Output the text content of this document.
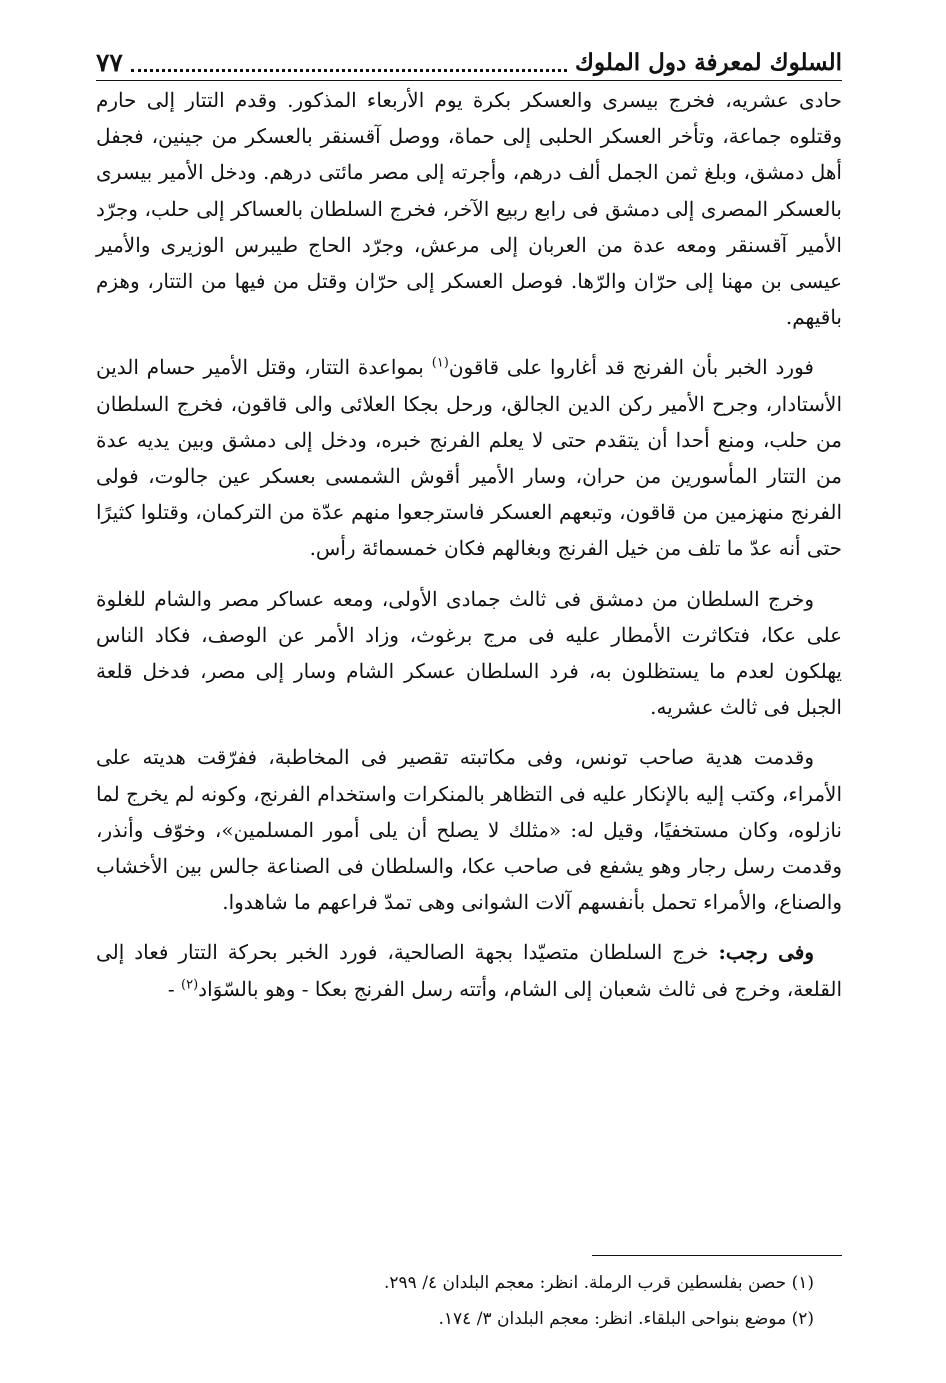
السلوك لمعرفة دول الملوك
٧٧

حادى عشريه، فخرج بيسرى والعسكر بكرة يوم الأربعاء المذكور. وقدم التتار إلى حارم وقتلوه جماعة، وتأخر العسكر الحلبى إلى حماة، ووصل آقسنقر بالعسكر من جينين، فجفل أهل دمشق، وبلغ ثمن الجمل ألف درهم، وأجرته إلى مصر مائتى درهم. ودخل الأمير بيسرى بالعسكر المصرى إلى دمشق فى رابع ربيع الآخر، فخرج السلطان بالعساكر إلى حلب، وجرّد الأمير آقسنقر ومعه عدة من العربان إلى مرعش، وجرّد الحاج طيبرس الوزيرى والأمير عيسى بن مهنا إلى حرّان والرّها. فوصل العسكر إلى حرّان وقتل من فيها من التتار، وهزم باقيهم.

فورد الخبر بأن الفرنج قد أغاروا على قاقون$^{(١)}$ بمواعدة التتار، وقتل الأمير حسام الدين الأستادار، وجرح الأمير ركن الدين الجالق، ورحل بجكا العلائى والى قاقون، فخرج السلطان من حلب، ومنع أحدا أن يتقدم حتى لا يعلم الفرنج خبره، ودخل إلى دمشق وبين يديه عدة من التتار المأسورين من حران، وسار الأمير أقوش الشمسى بعسكر عين جالوت، فولى الفرنج منهزمين من قاقون، وتبعهم العسكر فاسترجعوا منهم عدّة من التركمان، وقتلوا كثيرًا حتى أنه عدّ ما تلف من خيل الفرنج وبغالهم فكان خمسمائة رأس.

وخرج السلطان من دمشق فى ثالث جمادى الأولى، ومعه عساكر مصر والشام للغلوة على عكا، فتكاثرت الأمطار عليه فى مرج برغوث، وزاد الأمر عن الوصف، فكاد الناس يهلكون لعدم ما يستظلون به، فرد السلطان عسكر الشام وسار إلى مصر، فدخل قلعة الجبل فى ثالث عشريه.

وقدمت هدية صاحب تونس، وفى مكاتبته تقصير فى المخاطبة، ففرّقت هديته على الأمراء، وكتب إليه بالإنكار عليه فى التظاهر بالمنكرات واستخدام الفرنج، وكونه لم يخرج لما نازلوه، وكان مستخفيًا، وقيل له: «مثلك لا يصلح أن يلى أمور المسلمين»، وخوّف وأنذر، وقدمت رسل رجار وهو يشفع فى صاحب عكا، والسلطان فى الصناعة جالس بين الأخشاب والصناع، والأمراء تحمل بأنفسهم آلات الشوانى وهى تمدّ فراعهم ما شاهدوا.

وفى رجب: خرج السلطان متصيّدا بجهة الصالحية، فورد الخبر بحركة التتار فعاد إلى القلعة، وخرج فى ثالث شعبان إلى الشام، وأتته رسل الفرنج بعكا - وهو بالسّوَاد$^{(٢)}$ -

(١) حصن بفلسطين قرب الرملة. انظر: معجم البلدان ٤/ ٢٩٩.

(٢) موضع بنواحى البلقاء. انظر: معجم البلدان ٣/ ١٧٤.
